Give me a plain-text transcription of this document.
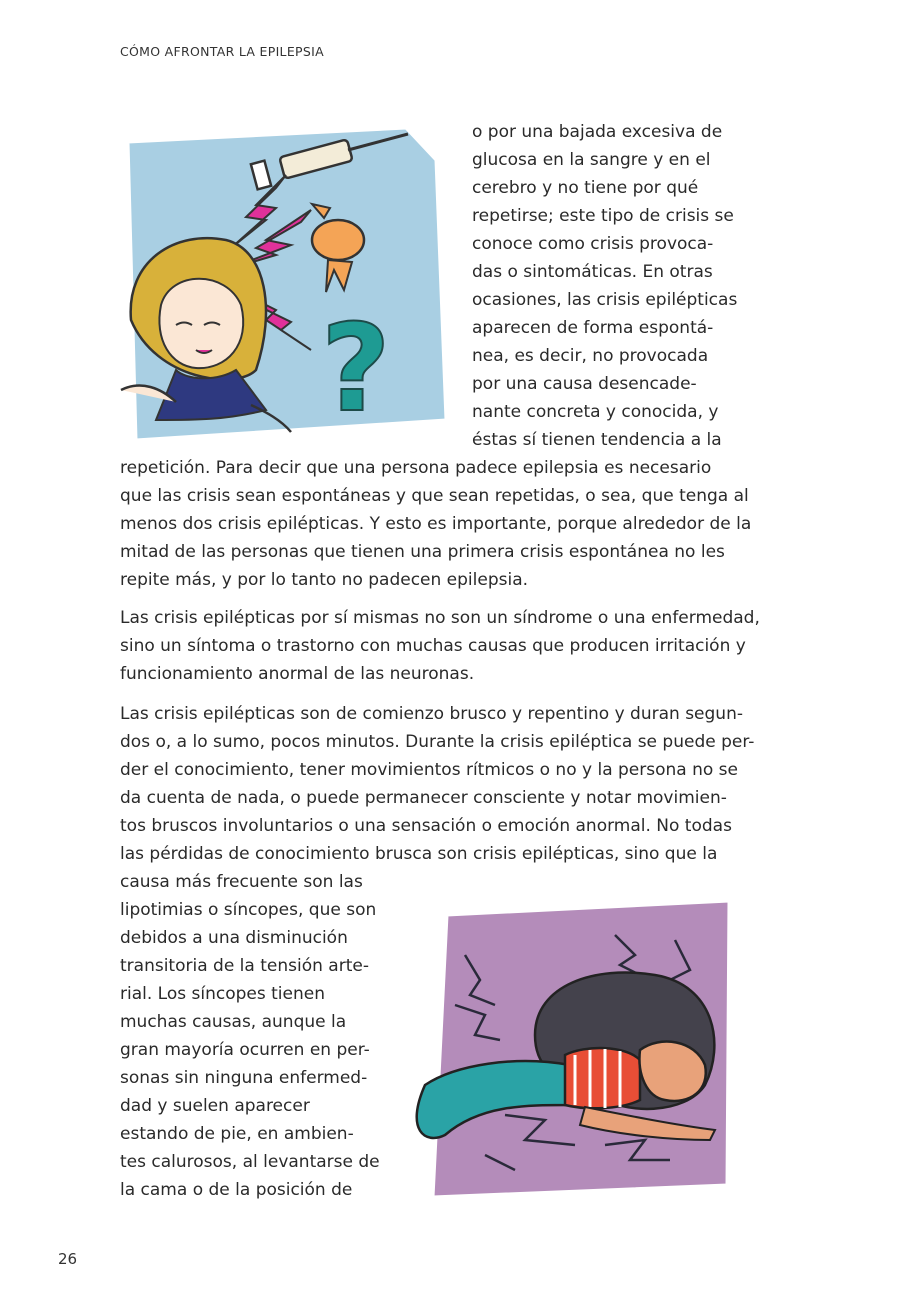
CÓMO AFRONTAR LA EPILEPSIA
?
o por una bajada excesiva de
glucosa en la sangre y en el
cerebro y no tiene por qué
repetirse; este tipo de crisis se
conoce como crisis provoca-
das o sintomáticas. En otras
ocasiones, las crisis epilépticas
aparecen de forma espontá-
nea, es decir, no provocada
por una causa desencade-
nante concreta y conocida, y
éstas sí tienen tendencia a la
repetición. Para decir que una persona padece epilepsia es necesario
que las crisis sean espontáneas y que sean repetidas, o sea, que tenga al
menos dos crisis epilépticas. Y esto es importante, porque alrededor de la
mitad de las personas que tienen una primera crisis espontánea no les
repite más, y por lo tanto no padecen epilepsia.
Las crisis epilépticas por sí mismas no son un síndrome o una enfermedad,
sino un síntoma o trastorno con muchas causas que producen irritación y
funcionamiento anormal de las neuronas.
Las crisis epilépticas son de comienzo brusco y repentino y duran segun-
dos o, a lo sumo, pocos minutos. Durante la crisis epiléptica se puede per-
der el conocimiento, tener movimientos rítmicos o no y la persona no se
da cuenta de nada, o puede permanecer consciente y notar movimien-
tos bruscos involuntarios o una sensación o emoción anormal. No todas
las pérdidas de conocimiento brusca son crisis epilépticas, sino que la
causa más frecuente son las
lipotimias o síncopes, que son
debidos a una disminución
transitoria de la tensión arte-
rial. Los síncopes tienen
muchas causas, aunque la
gran mayoría ocurren en per-
sonas sin ninguna enfermed-
dad y suelen aparecer
estando de pie, en ambien-
tes calurosos, al levantarse de
la cama o de la posición de
26
